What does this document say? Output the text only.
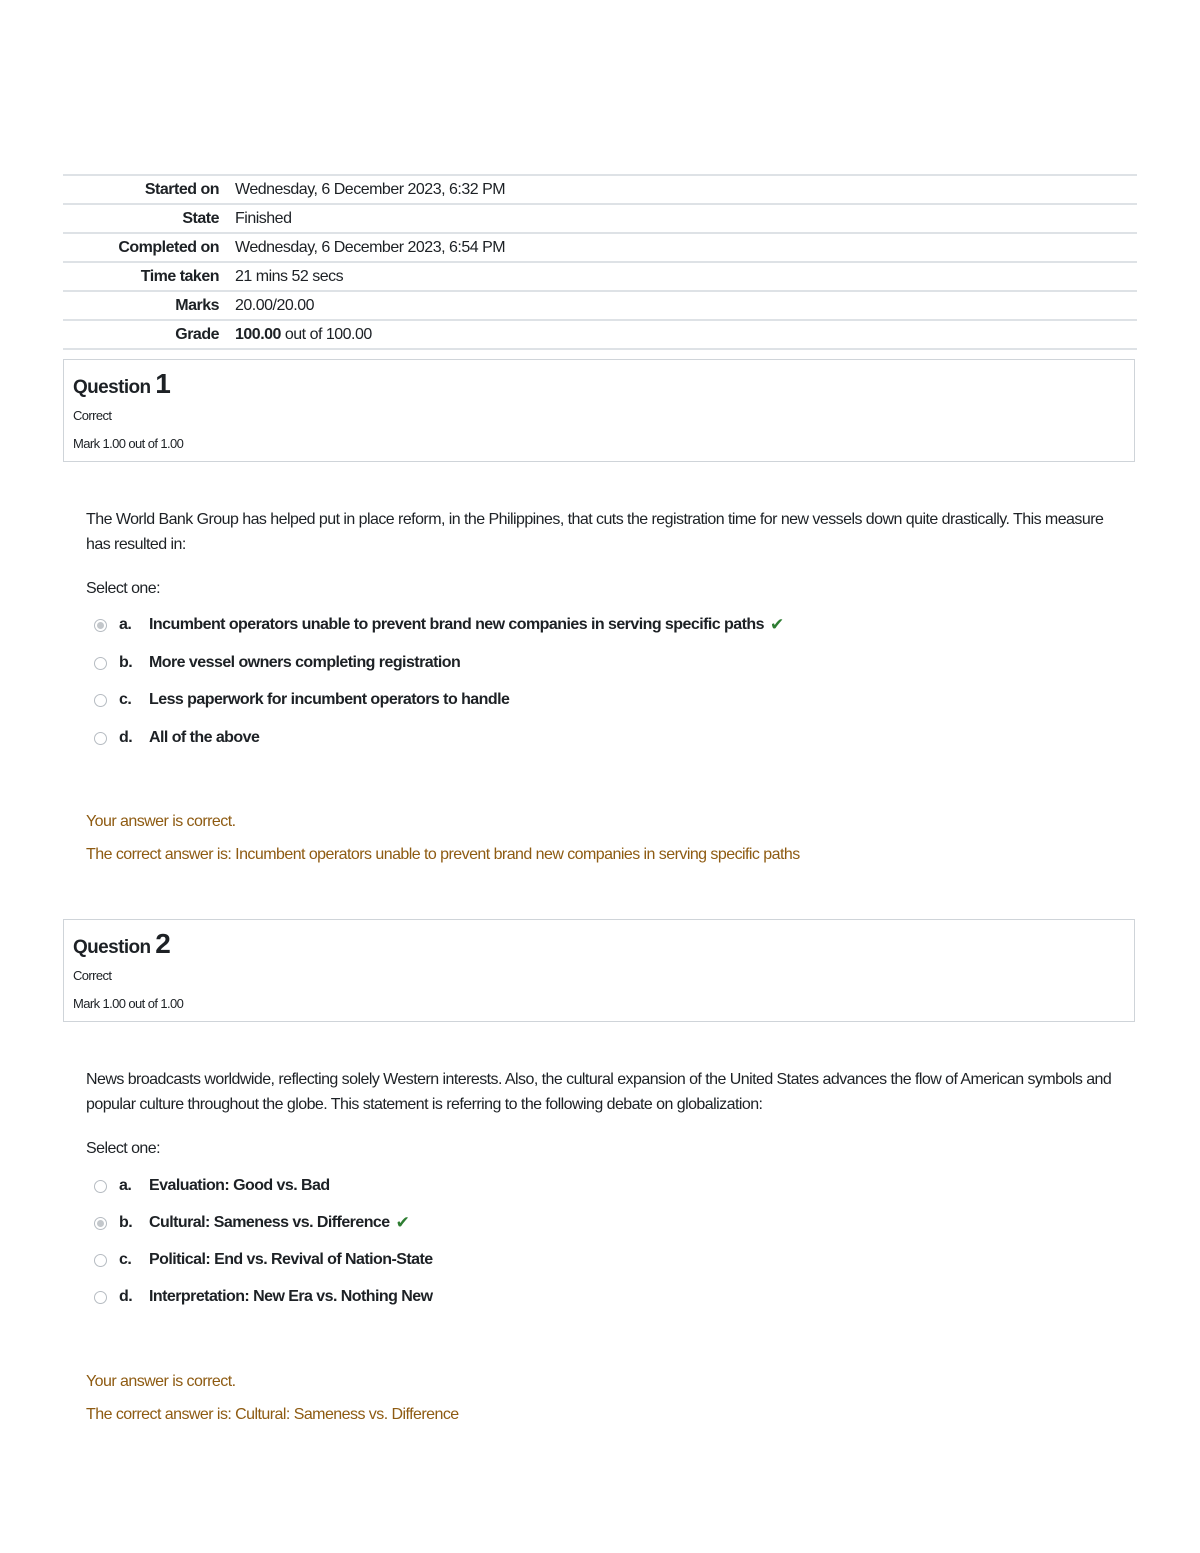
Started on	Wednesday, 6 December 2023, 6:32 PM
State	Finished
Completed on	Wednesday, 6 December 2023, 6:54 PM
Time taken	21 mins 52 secs
Marks	20.00/20.00
Grade	100.00 out of 100.00
Question 1
Correct
Mark 1.00 out of 1.00
The World Bank Group has helped put in place reform, in the Philippines, that cuts the registration time for new vessels down quite drastically. This measure has resulted in:
Select one:
a.	Incumbent operators unable to prevent brand new companies in serving specific paths ✔
b.	More vessel owners completing registration
c.	Less paperwork for incumbent operators to handle
d.	All of the above
Your answer is correct.
The correct answer is: Incumbent operators unable to prevent brand new companies in serving specific paths
Question 2
Correct
Mark 1.00 out of 1.00
News broadcasts worldwide, reflecting solely Western interests. Also, the cultural expansion of the United States advances the flow of American symbols and popular culture throughout the globe. This statement is referring to the following debate on globalization:
Select one:
a.	Evaluation: Good vs. Bad
b.	Cultural: Sameness vs. Difference ✔
c.	Political: End vs. Revival of Nation-State
d.	Interpretation: New Era vs. Nothing New
Your answer is correct.
The correct answer is: Cultural: Sameness vs. Difference
